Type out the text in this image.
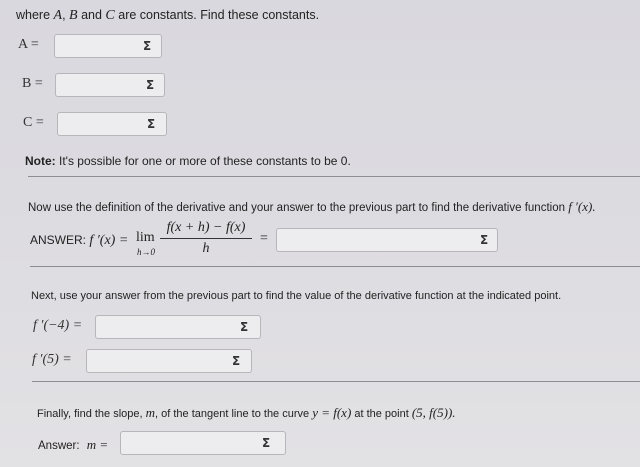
where A, B and C are constants. Find these constants.
A =	Σ
B =	Σ
C =	Σ
Note: It's possible for one or more of these constants to be 0.
Now use the definition of the derivative and your answer to the previous part to find the derivative function f ′(x).
ANSWER: f ′(x) = lim
h→0
f(x + h) − f(x)
h
=	Σ
Next, use your answer from the previous part to find the value of the derivative function at the indicated point.
f ′(−4) =	Σ
f ′(5) =	Σ
Finally, find the slope, m, of the tangent line to the curve y = f(x) at the point (5, f(5)).
Answer: m =	Σ
